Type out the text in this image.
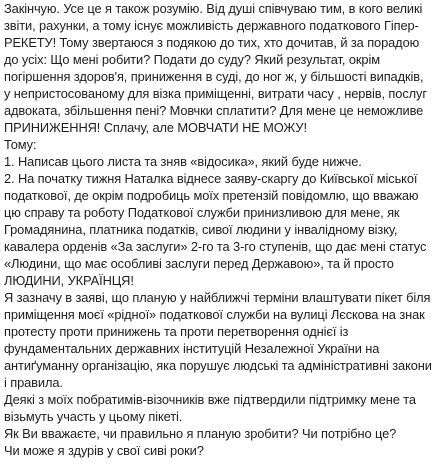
Закінчую. Усе це я також розумію. Від душі співчуваю тим, в кого великі
звіти, рахунки, а тому існує можливість державного податкового Гіпер-
РЕКЕТУ! Тому звертаюся з подякою до тих, хто дочитав, й за порадою
до усіх: Що мені робити? Подати до суду? Який результат, окрім
погіршення здоров'я, приниження в суді, до ног ж, у більшості випадків,
у непристосованому для візка приміщенні, витрати часу , нервів, послуг
адвоката, збільшення пені? Мовчки сплатити? Для мене це неможливе
ПРИНИЖЕННЯ! Сплачу, але МОВЧАТИ НЕ МОЖУ!

Тому:
1. Написав цього листа та зняв «відосика», який буде нижче.
2. На початку тижня Наталка віднесе заяву-скаргу до Київської міської
податкової, де окрім подробиць моїх претензій повідомлю, що вважаю
цю справу та роботу Податкової служби принизливою для мене, як
Громадянина, платника податків, сивої людини у інвалідному візку,
кавалера орденів «За заслуги» 2-го та 3-го ступенів, що дає мені статус
«Людини, що має особливі заслуги перед Державою», та й просто
ЛЮДИНИ, УКРАЇНЦЯ!

Я зазначу в заяві, що планую у найближчі терміни влаштувати пікет біля
приміщення моєї «рідної» податкової служби на вулиці Лєскова на знак
протесту проти принижень та проти перетворення однієї із
фундаментальних державних інституцій Незалежної України на
антиґуманну організацію, яка порушує людські та адміністративні закони
і правила.
Деякі з моїх побратимів-візочників вже підтвердили підтримку мене та
візьмуть участь у цьому пікеті.
Як Ви вважаєте, чи правильно я планую зробити? Чи потрібно це?
Чи може я здурів у свої сиві роки?
